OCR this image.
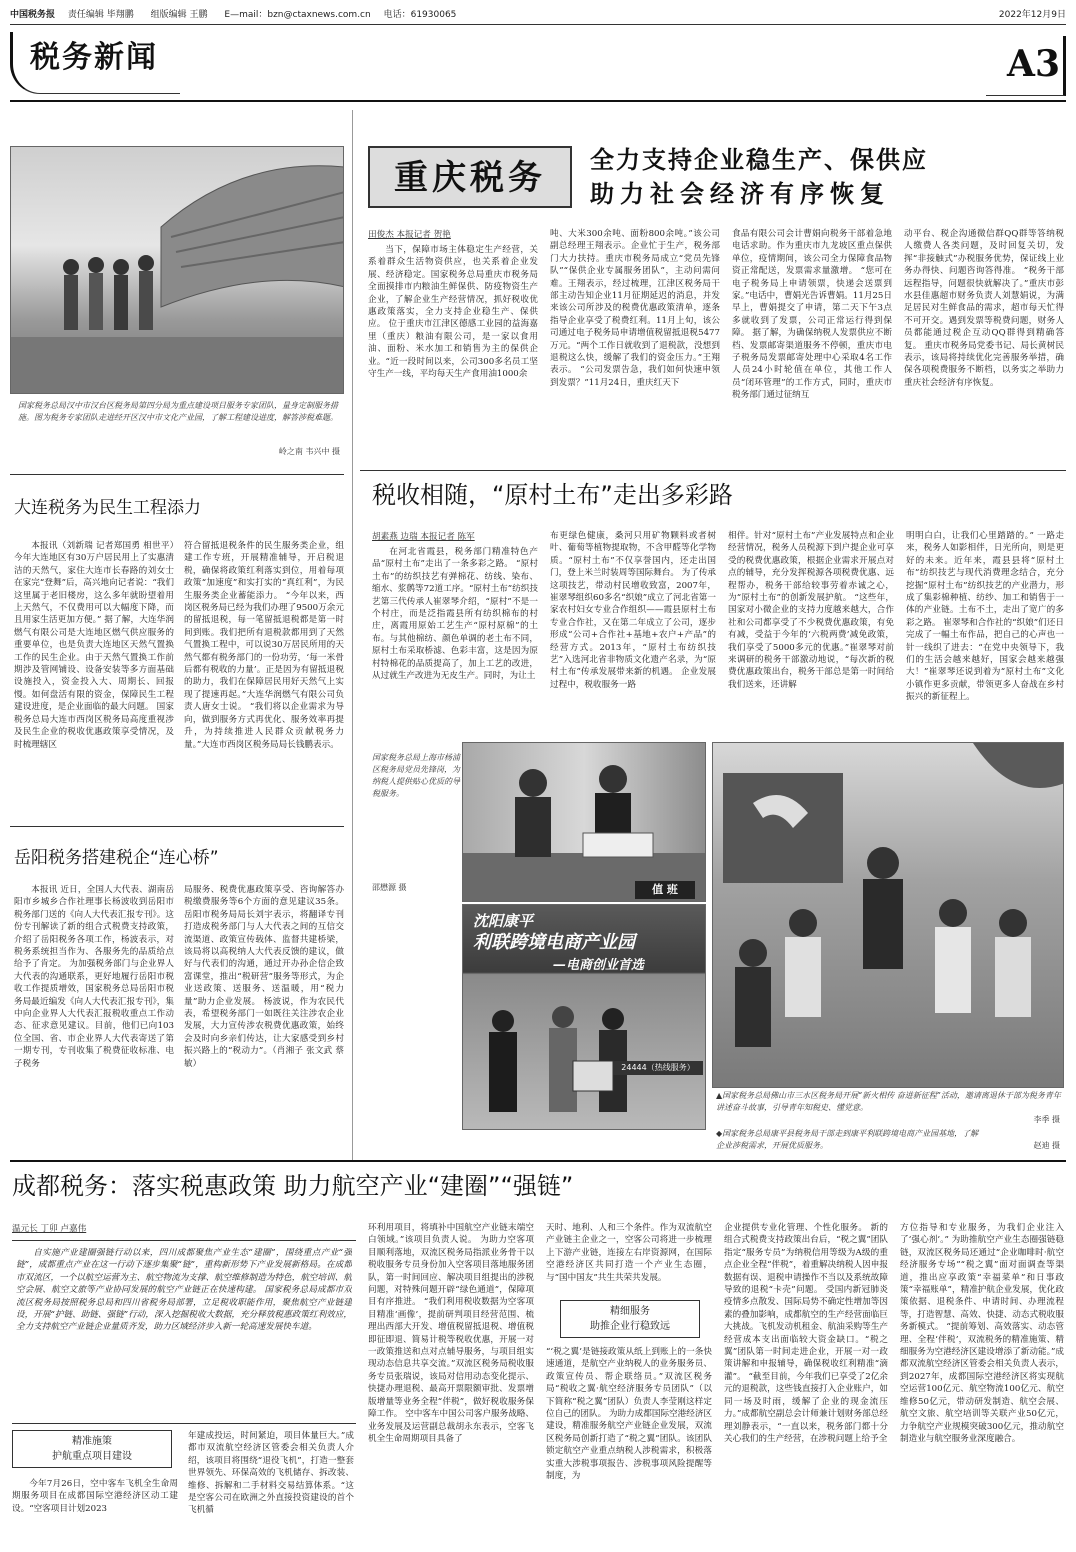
中国税务报 责任编辑 毕翔鹏 组版编辑 王鹏 E—mail：bzn@ctaxnews.com.cn 电话：61930065	2022年12月9日
税务新闻	A3
国家税务总局汉中市汉台区税务局第四分局为重点建设项目服务专家团队，量身定制服务措施。图为税务专家团队走进经开区汉中市文化产业园，了解工程建设进度，解答涉税难题。
岭之南 韦兴中 摄
重庆税务	全力支持企业稳生产、保供应
助力社会经济有序恢复
田俊杰 本报记者 贺艳
当下，保障市场主体稳定生产经营，关系着群众生活物资供应，也关系着企业发展、经济稳定。国家税务总局重庆市税务局全面摸排市内粮油生鲜保供、防疫物资生产企业，了解企业生产经营情况，抓好税收优惠政策落实，全力支持企业稳生产、保供应。 位于重庆市江津区德感工业园的益海嘉里（重庆）粮油有限公司，是一家以食用油、面粉、米水加工和销售为主的保供企业。“近一段时间以来，公司300多名员工坚守生产一线，平均每天生产食用油1000余
吨、大米300余吨、面粉800余吨。”该公司副总经理王翔表示。企业忙于生产，税务部门大力扶持。重庆市税务局成立“党员先锋队”“保供企业专属服务团队”，主动问需问难。王翔表示，经过梳理，江津区税务局干部主动告知企业11月征期延迟的消息，并发来该公司所涉及的税费优惠政策清单，逐条指导企业享受了税费红利。11月上旬，该公司通过电子税务局申请增值税留抵退税5477万元。“两个工作日就收到了退税款，没想到退税这么快，缓解了我们的资金压力。”王翔表示。 “公司发票告急，我们如何快速申领到发票？”11月24日，重庆红天下
食品有限公司会计曹娟向税务干部着急地电话求助。作为重庆市九龙坡区重点保供单位，疫情期间，该公司全力保障食品物资正常配送，发票需求量激增。 “您可在电子税务局上申请领票，快递会送票到家。”电话中，曹娟光告诉曹娟。11月25日早上，曹娟提交了申请，第二天下午3点多就收到了发票，公司正常运行得到保障。 据了解，为确保纳税人发票供应不断档、发票邮寄渠道服务不停顿，重庆市电子税务局发票邮寄处理中心采取4名工作人员24小时轮值在单位，其他工作人员“闭环管理”的工作方式，同时，重庆市税务部门通过征纳互
动平台、税企沟通微信群QQ群等答纳税人缴费人各类问题，及时回复关切，发挥“非接触式”办税服务优势，保证线上业务办得快、问题咨询答得准。 “税务干部远程指导，问题很快就解决了。”重庆市彭水县佳惠超市财务负责人刘慧娟说，为满足居民对生鲜食品的需求，超市每天忙得不可开交。遇到发票等税费问题，财务人员都能通过税企互动QQ群得到精确答复。 重庆市税务局党委书记、局长黄树民表示，该局将持续优化完善服务举措，确保各项税费服务不断档，以务实之举助力重庆社会经济有序恢复。
大连税务为民生工程添力
本报讯（刘新瑞 记者郑国勇 相世平）今年大连地区有30万户居民用上了实惠清洁的天然气，家住大连市长春路的刘女士在家完“登舞”后，高兴地向记者说：“我们这里属于老旧楼房，这么多年就盼望着用上天然气，不仅费用可以大幅度下降，而且用家生活更加方便。” 据了解，大连华润燃气有限公司是大连地区燃气供应服务的重要单位，也是负责大连地区天然气置换工作的民生企业。由于天然气置换工作前期涉及管网铺设、设备安装等多方面基础设施投入，资金投入大、周期长、回报慢。如何盘活有限的资金，保障民生工程建设进度，是企业面临的最大问题。 国家税务总局大连市西岗区税务局高度重视涉及民生企业的税收优惠政策享受情况，及时梳理辖区
符合留抵退税条件的民生服务类企业，组建工作专班，开展精准辅导，开启税退税，确保将政策红利落实到位，用着每项政策“加速度”和实打实的“真红利”，为民生服务类企业蓄能添力。 “今年以来，西岗区税务局已经为我们办理了9500万余元的留抵退税，每一笔留抵退税都是第一时间到账。我们把所有退税款都用到了天然气置换工程中，可以说30万居民所用的天然气都有税务部门的一份功劳，‘每一米骨后都有税收的力量’。正是因为有留抵退税的助力，我们在保障居民用好天然气上实现了提速再起。”大连华润燃气有限公司负责人唐女士说。 “我们将以企业需求为导向，做到服务方式再优化、服务效率再提升，为持续推进人民群众贡献税务力量。”大连市西岗区税务局局长钱鹏表示。
岳阳税务搭建税企“连心桥”
本报讯 近日，全国人大代表、湖南岳阳市乡城乡合作社理事长杨波收到岳阳市税务部门送的《向人大代表汇报专刊》。这份专刊解读了新的组合式税费支持政策，介绍了岳阳税务各项工作，杨波表示，对税务系统担当作为、各服务先的品质给点给予了肯定。 为加强税务部门与企业界人大代表的沟通联系，更好地履行岳阳市税收工作提质增效，国家税务总局岳阳市税务局最近编发《向人大代表汇报专刊》，集中向企业界人大代表汇报税收重点工作动态、征求意见建议。目前，他们已向103位全国、省、市企业界人大代表寄送了第一期专刊，专刊收集了税费征收标准、电子税务
局服务、税费优惠政策享受、咨询解答办税缴费服务等6个方面的意见建议35条。岳阳市税务局局长刘宇表示，将翻译专刊打造成税务部门与人大代表之间的互信交流渠道、政策宣传载体、监督共建桥梁，该局将以高税纳人大代表反馈的建议，做好与代表们的沟通，通过开办孙企信企致富课堂，推出“税研营”服务等形式，为企业送政策、送服务、送温暖，用“税力量”助力企业发展。 杨波说，作为农民代表，希望税务部门一如既往关注涉农企业发展，大力宣传涉农税费优惠政策，始终会及时向乡亲们传达，让大家感受到乡村振兴路上的“税动力”。（肖湘子 张文武 蔡敏）
税收相随，“原村土布”走出多彩路
胡素燕 边瑞 本报记者 陈军
在河北省霞县，税务部门精准特色产品“原村土布”走出了一条多彩之路。 “原村土布”的纺织技艺有弹棉花、纺线、染布、缩水、浆鹩等72道工序。“原村土布”纺织技艺第三代传承人崔翠琴介绍，“原村”不是一个村庄，而是泛指霞县所有纺织棉布的村庄，离霞用原始工艺生产“原村原棉”的土布。与其他棉纺、颜色单调的老土布不同，原村土布采取桥滤、色彩丰富，这是因为原村特棉花的品质提高了，加上工艺的改进，从过就生产改进为无皮生产。同时，为让土
布更绿色健康，桑河只用矿物颗料或者树叶、葡萄等植物提取物，不含甲醛等化学物质。“原村土布”不仅享誉国内，还走出国门，登上米兰时装周等国际舞台。 为了传承这项技艺，带动村民增收致富，2007年，崔翠琴组织60多名“织娘”成立了河北省第一家农村妇女专业合作组织——霞县原村土布专业合作社，又在第二年成立了公司，逐步形成“公司+合作社+基地+农户+产品”的经营方式。2013年，“原村土布纺织技艺”入选河北省非物质文化遗产名录，为“原村土布”传承发展带来新的机遇。 企业发展过程中，税收服务一路
相伴。针对“原村土布”产业发展特点和企业经营情况，税务人员税源下到户提企业可享受的税费优惠政策，根据企业需求开展点对点的辅导，充分发挥税源各项税费优惠、远程帮办，税务干部给较事劳着赤诚之心，为“原村土布”的创新发展护航。 “这些年，国家对小微企业的支持力度越来越大，合作社和公司都享受了不少税费优惠政策，有免有减，受益于今年的‘六税两费’减免政策，我们享受了5000多元的优惠。”崔翠琴对前来调研的税务干部激动地说，“每次新的税费优惠政策出台，税务干部总是第一时间给我们送来，还讲解
明明白白，让我们心里踏踏的。” 一路走来，税务人如影相伴，日光所向，则是更好的未来。近年来，霞县县将“原村土布”纺织技艺与现代消费理念结合，充分挖掘“原村土布”纺织技艺的产业潜力，形成了集彩棉种植、纺纱、加工和销售于一体的产业链。土布不土，走出了宽广的多彩之路。 崔翠琴和合作社的“织娘”们还日完成了一幅土布作品，把自己的心声也一针一线织了进去：“在党中央领导下，我们的生活会越来越好，国家会越来越强大！”崔翠琴还说到着为“原村土布”文化小镇作更多贡献，带领更多人奋战在乡村振兴的新征程上。
国家税务总局上海市杨浦区税务局党员先锋岗，为纳税人提供贴心优质的导税服务。
邵懋源 摄	值 班
沈阳康平
利联跨境电商产业园
—电商创业首选
24444（热线服务）
▲国家税务总局佛山市三水区税务局开展“新火相传 奋进新征程”活动，邀请离退休干部为税务青年讲述奋斗故事，引导青年知税史、懂党意。
李季 摄
◆国家税务总局康平县税务局干部走到康平利联跨境电商产业园基地，了解企业涉税需求，开展优质服务。	赵迪 摄
成都税务：落实税惠政策 助力航空产业“建圈”“强链”
温元长 丁卯 卢嘉伟
自实施产业建圈强链行动以来，四川成都聚焦产业生态“建圈”，围绕重点产业“强链”，成都重点产业在这一行动下逐步集聚“链”，重构新形势下产业发展新格局。在成都市双流区，一个以航空运营为主、航空物流为支撑、航空维修制造为特色，航空培训、航空会展、航空文旅等产业协同发展的航空产业链正在快速构建。 国家税务总局成都市双流区税务局按照税务总局和四川省税务局部署，立足税收职能作用，聚焦航空产业链建设，开展“护链、助链、强链”行动，深入挖掘税收大数据，充分释放税惠政策红利效应，全力支持航空产业链企业量质齐发，助力区域经济步入新一轮高速发展快车道。
精准施策
护航重点项目建设
今年7月26日，空中客车飞机全生命周期服务项目在成都国际空港经济区动工建设。“空客项目计划2023
年建成投运，时间紧迫，项目体量巨大。”成都市双流航空经济区管委会相关负责人介绍，该项目将围绕“退役飞机”，打造一整套世界领先、环保高效的飞机储存、拆改装、维修、拆解和二手材料交易结算体系。“这是空客公司在欧洲之外直接投资建设的首个飞机循
环利用项目，将填补中国航空产业链末端空白领域。”该项目负责人说。 为助力空客项目顺利落地，双流区税务局指派业务骨干以税收服务专员身份加入空客项目落地服务团队，第一时间回应、解决项目组提出的涉税问题，对特殊问题开辟“绿色通道”，保障项目有序推进。 “我们利用税收数据为空客项目精准‘画像’，提前研判项目经营范围、梳理出西部大开发、增值税留抵退税、增值税即征即退、简易计税等税收优惠，开展一对一政策推送和点对点辅导服务，与项目组实现动态信息共享交流。”双流区税务局税收服务专员张瑞说，该局对信用动态变化提示、快捷办理退税、最高开票限额审批、发票增版增量等业务全程“伴税”，做好税收服务保障工作。 空中客车中国公司客户服务战略、业务发展及运营副总裁胡永东表示，空客飞机全生命周期项目具备了
天时、地利、人和三个条件。作为双流航空产业链主企业之一，空客公司将进一步梳理上下游产业链，连接左右岸资源网，在国际空港经济区共同打造一个产业生态圈，与“国中国友”共生共荣共发展。
精细服务
助推企业行稳致远
“‘税之翼’是链接政策从纸上到账上的一条快速通道，是航空产业纳税人的业务服务员、政策宣传员、帮企联络员。”双流区税务局“税收之翼·航空经济服务专员团队”（以下简称“税之翼”团队）负责人李莹刚这样定位自己的团队。 为助力成都国际空港经济区建设，精准服务航空产业链企业发展，双流区税务局创新打造了“税之翼”团队。该团队锁定航空产业重点纳税人涉税需求，积极落实重大涉税事项报告、涉税事项风险提醒等制度，为
企业提供专业化管理、个性化服务。 新的组合式税费支持政策出台后，“税之翼”团队指定“服务专员”为纳税信用等级为A级的重点企业全程“伴税”，着重解决纳税人因申报数据有误、退税申请操作不当以及系统故障导致的退税“卡壳”问题。 受国内新冠肺炎疫情多点散发、国际局势不确定性增加等因素的叠加影响，成都航空的生产经营面临巨大挑战。飞机发动机租金、航油采购等生产经营成本支出面临较大资金缺口。“税之翼”团队第一时间走进企业，开展一对一政策讲解和申报辅导，确保税收红利精准“滴灌”。 “截至目前，今年我们已享受了2亿余元的退税款，这些钱直接打入企业账户，如同一场及时雨，缓解了企业的现金流压力。”成都航空副总会计师兼计划财务部总经理刘静表示，“一直以来，税务部门都十分关心我们的生产经营，在涉税问题上给予全
方位指导和专业服务，为我们企业注入了‘强心剂’。” 为助推航空产业生态圈强链稳链，双流区税务局还通过“企业咖啡时·航空经济服务专场”“税之翼”面对面调查等渠道，推出应享政策“幸福菜单”和日事政策“幸福账单”，精准护航企业发展，优化政策依据、退税条件、申请时间、办理流程等，打造智慧、高效、快捷、动态式税收服务新模式。 “提前筹划、高效落实、动态管理、全程‘伴税’，双流税务的精准施策、精细服务为空港经济区建设增添了新动能。”成都双流航空经济区管委会相关负责人表示，到2027年，成都国际空港经济区将实现航空运营100亿元、航空物流100亿元、航空维修50亿元，带动研发制造、航空会展、航空文旅、航空培训等关联产业50亿元，力争航空产业规模突破300亿元，推动航空制造业与航空服务业深度融合。
